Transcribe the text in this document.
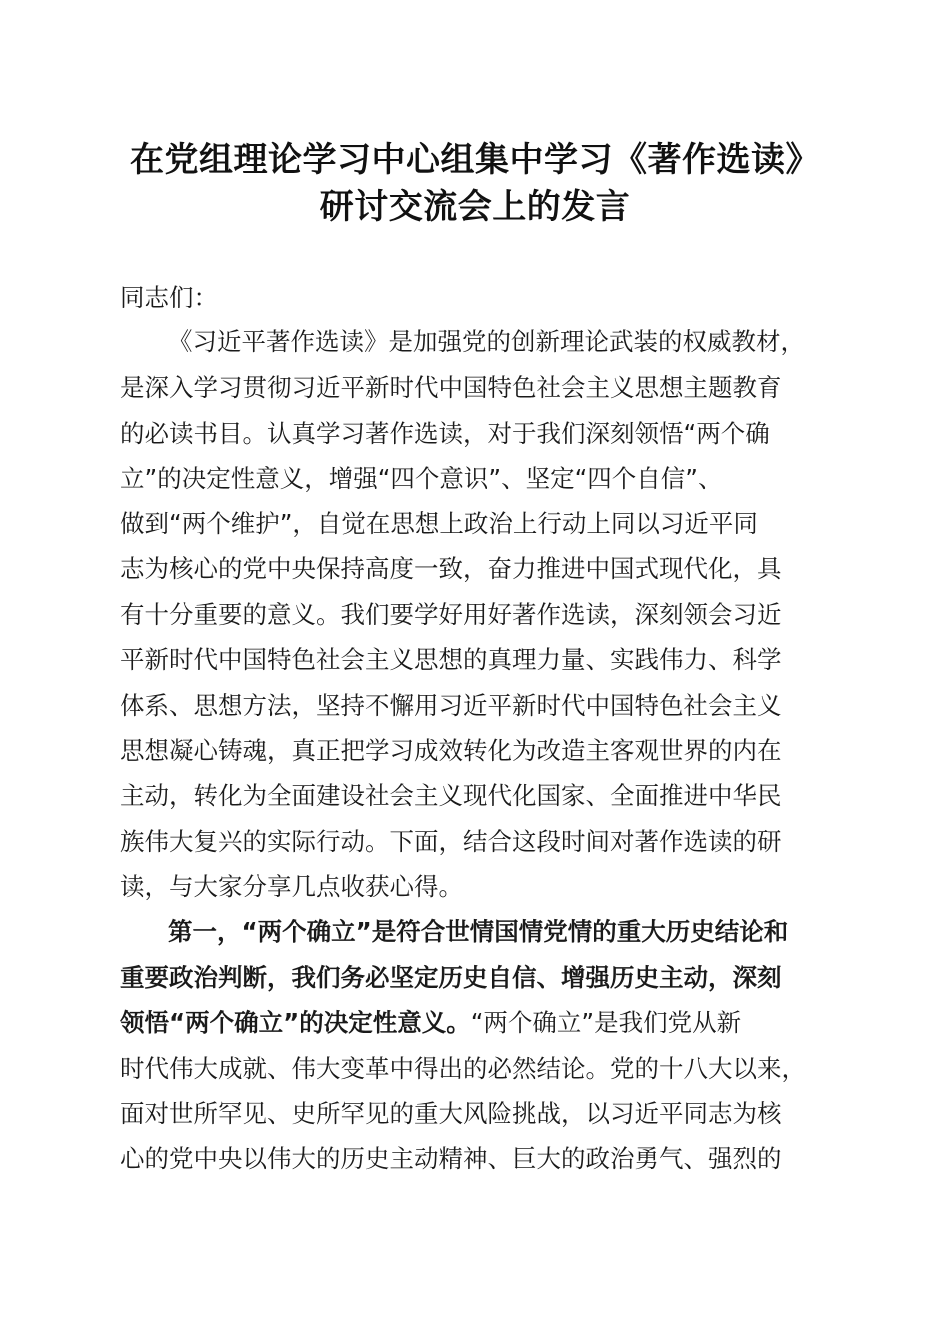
在党组理论学习中心组集中学习《著作选读》
研讨交流会上的发言
同志们：
《习近平著作选读》是加强党的创新理论武装的权威教材，
是深入学习贯彻习近平新时代中国特色社会主义思想主题教育
的必读书目。认真学习著作选读，对于我们深刻领悟“两个确
立”的决定性意义，增强“四个意识”、坚定“四个自信”、
做到“两个维护”，自觉在思想上政治上行动上同以习近平同
志为核心的党中央保持高度一致，奋力推进中国式现代化，具
有十分重要的意义。我们要学好用好著作选读，深刻领会习近
平新时代中国特色社会主义思想的真理力量、实践伟力、科学
体系、思想方法，坚持不懈用习近平新时代中国特色社会主义
思想凝心铸魂，真正把学习成效转化为改造主客观世界的内在
主动，转化为全面建设社会主义现代化国家、全面推进中华民
族伟大复兴的实际行动。下面，结合这段时间对著作选读的研
读，与大家分享几点收获心得。
第一，“两个确立”是符合世情国情党情的重大历史结论和
重要政治判断，我们务必坚定历史自信、增强历史主动，深刻
领悟“两个确立”的决定性意义。“两个确立”是我们党从新
时代伟大成就、伟大变革中得出的必然结论。党的十八大以来，
面对世所罕见、史所罕见的重大风险挑战，以习近平同志为核
心的党中央以伟大的历史主动精神、巨大的政治勇气、强烈的
